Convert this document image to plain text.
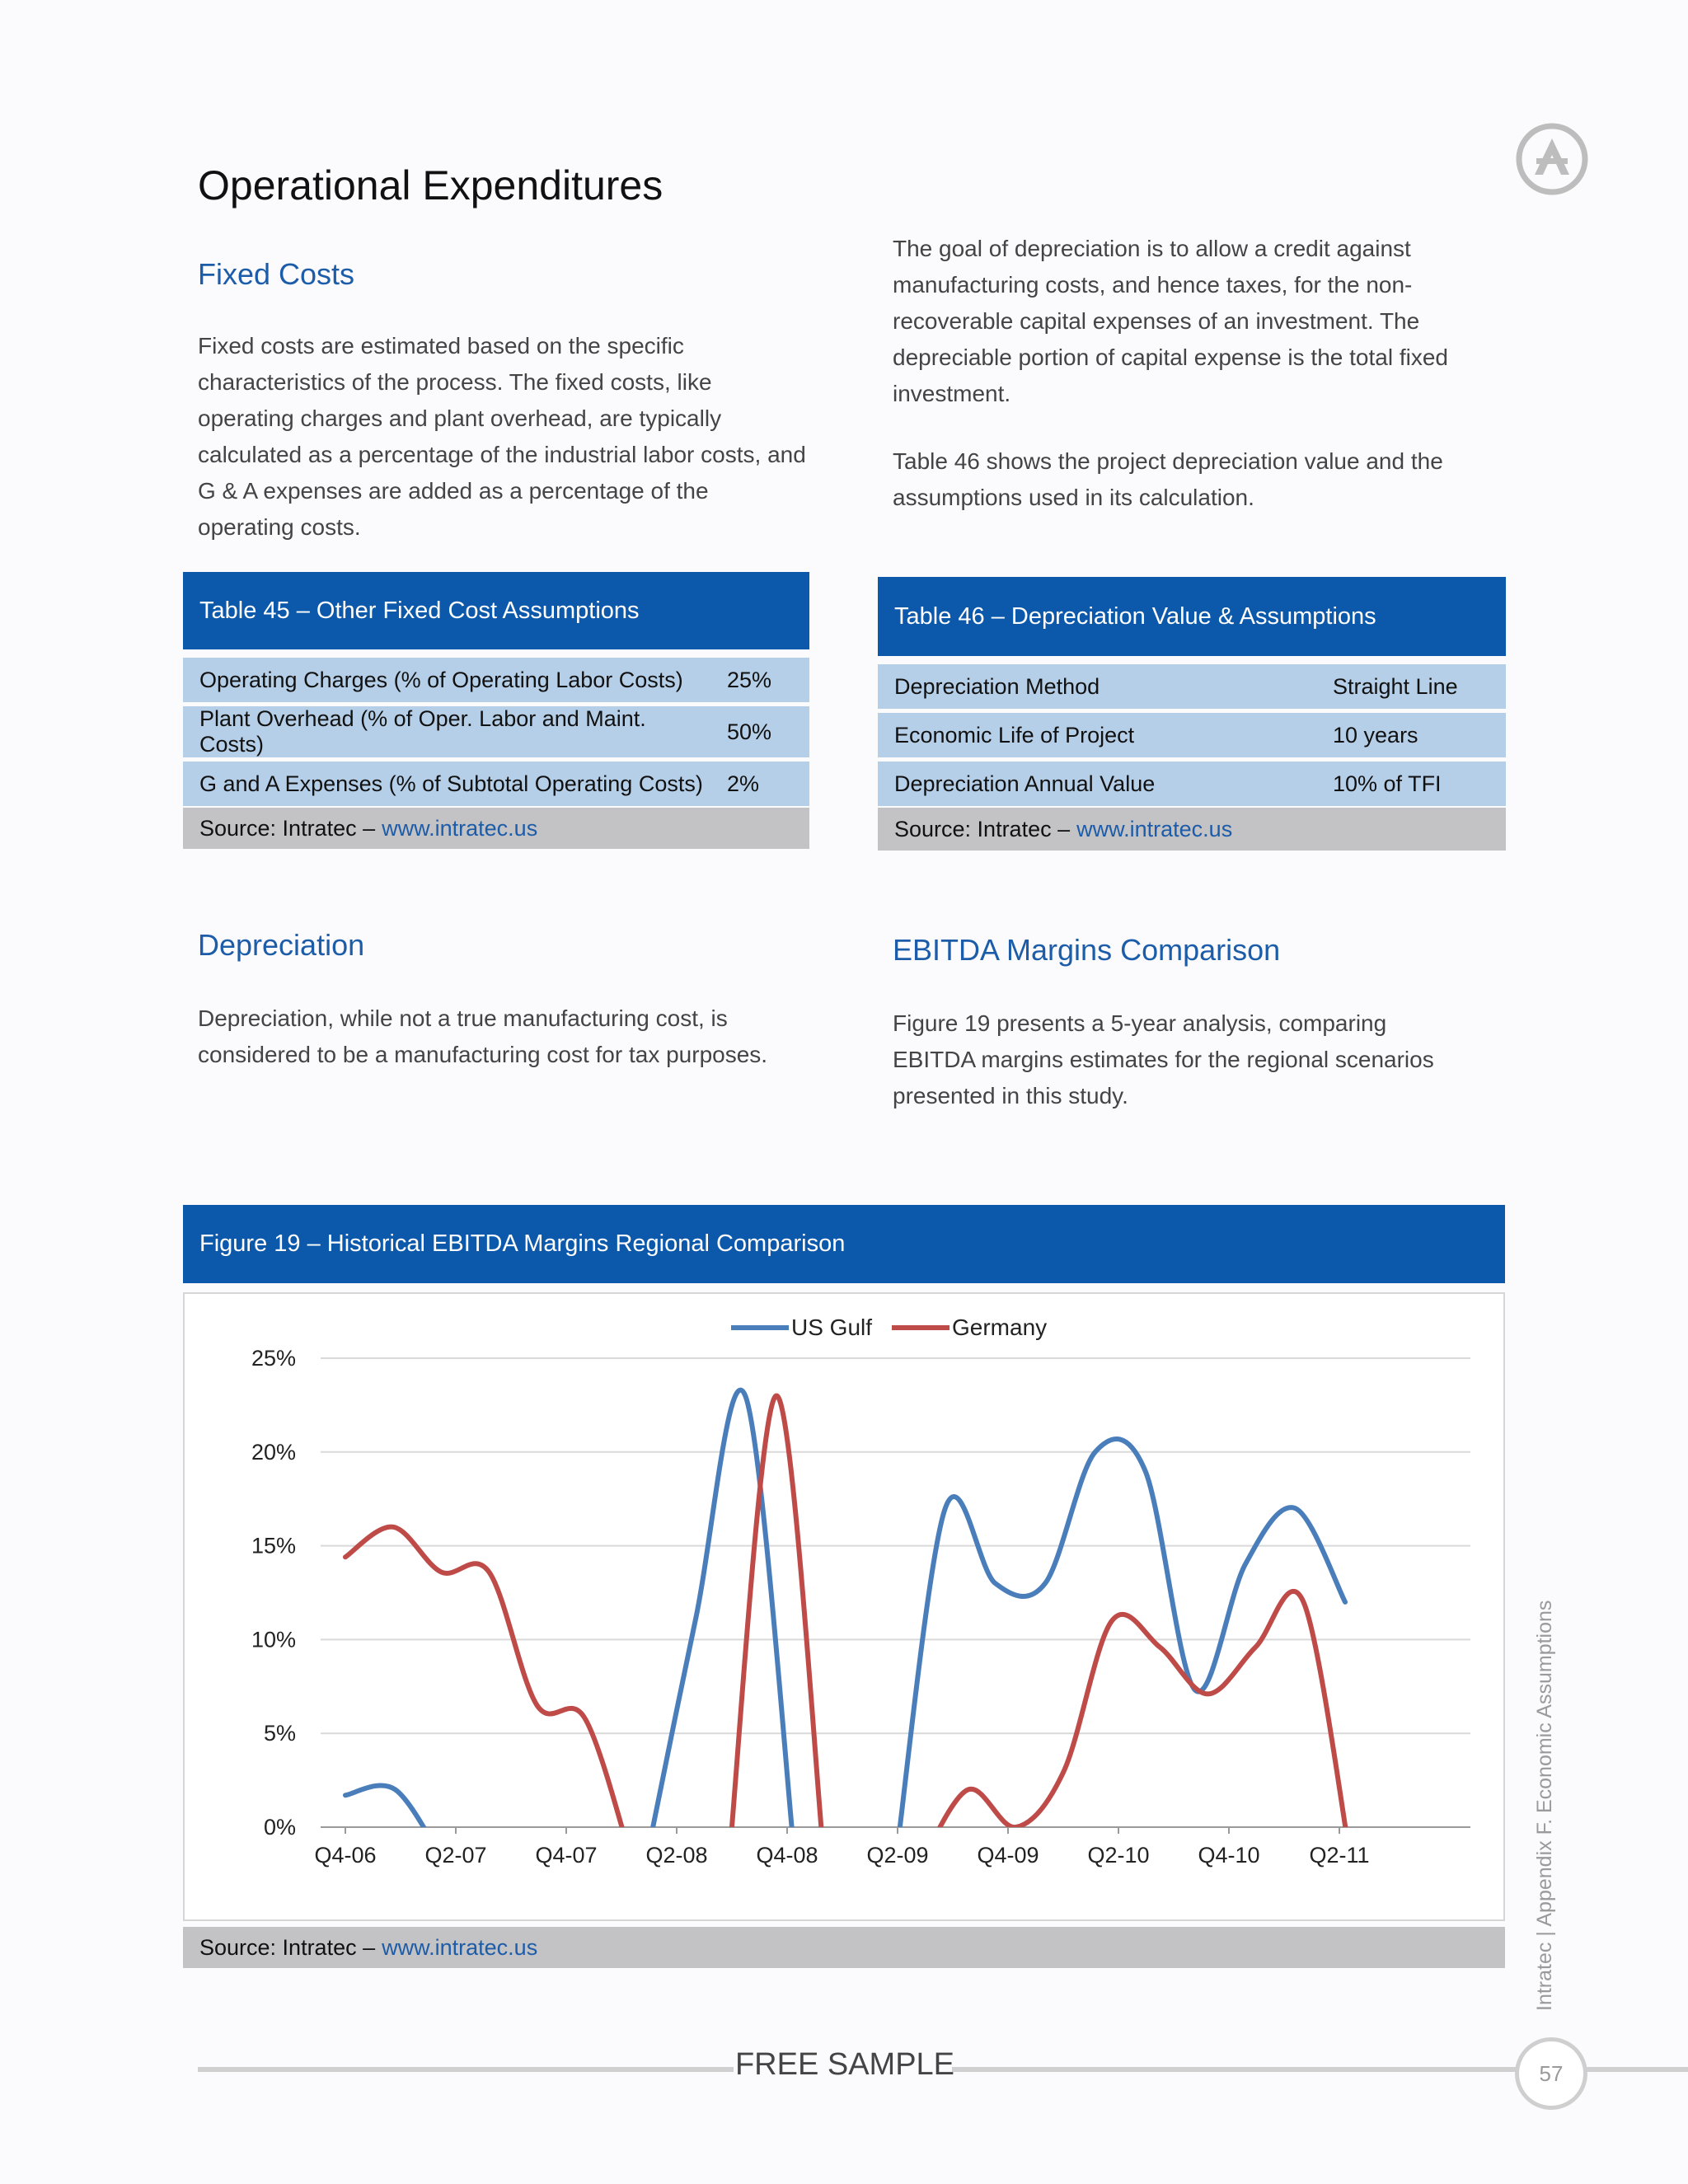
Operational Expenditures
Fixed Costs
Fixed costs are estimated based on the specific characteristics of the process. The fixed costs, like operating charges and plant overhead, are typically calculated as a percentage of the industrial labor costs, and G & A expenses are added as a percentage of the operating costs.

The goal of depreciation is to allow a credit against manufacturing costs, and hence taxes, for the non-recoverable capital expenses of an investment. The depreciable portion of capital expense is the total fixed investment.

Table 46 shows the project depreciation value and the assumptions used in its calculation.

Table 45 – Other Fixed Cost Assumptions
Operating Charges (% of Operating Labor Costs)	25%
Plant Overhead (% of Oper. Labor and Maint. Costs)	50%
G and A Expenses (% of Subtotal Operating Costs)	2%
Source: Intratec – www.intratec.us
Table 46 – Depreciation Value & Assumptions
Depreciation Method	Straight Line
Economic Life of Project	10 years
Depreciation Annual Value	10% of TFI
Source: Intratec – www.intratec.us
Depreciation
Depreciation, while not a true manufacturing cost, is considered to be a manufacturing cost for tax purposes.
EBITDA Margins Comparison
Figure 19 presents a 5-year analysis, comparing EBITDA margins estimates for the regional scenarios presented in this study.
Figure 19 – Historical EBITDA Margins Regional Comparison
0%
5%
10%
15%
20%
25%
Q4-06 Q2-07 Q4-07 Q2-08 Q4-08 Q2-09 Q4-09 Q2-10 Q4-10 Q2-11
US Gulf	Germany
Source: Intratec – www.intratec.us	Intratec | Appendix F. Economic Assumptions
FREE SAMPLE	57
